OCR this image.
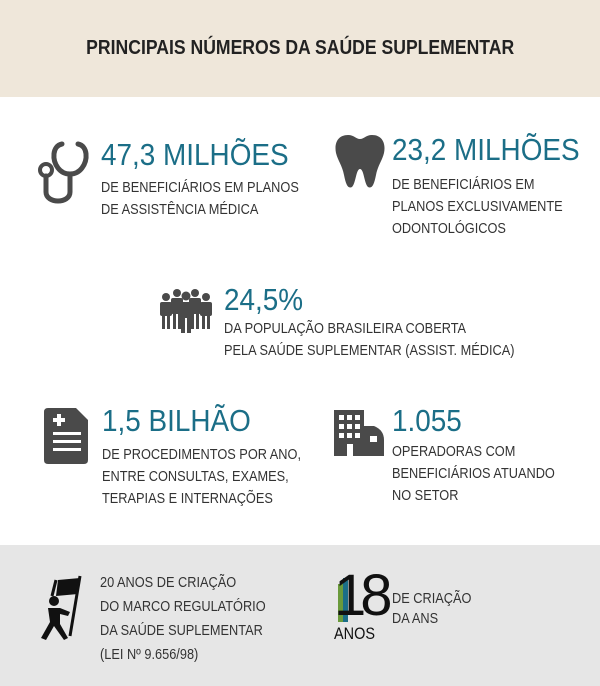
PRINCIPAIS NÚMEROS DA SAÚDE SUPLEMENTAR
47,3 MILHÕES
DE BENEFICIÁRIOS EM PLANOS
DE ASSISTÊNCIA MÉDICA
23,2 MILHÕES
DE BENEFICIÁRIOS EM
PLANOS EXCLUSIVAMENTE
ODONTOLÓGICOS
24,5%
DA POPULAÇÃO BRASILEIRA COBERTA
PELA SAÚDE SUPLEMENTAR (ASSIST. MÉDICA)
1,5 BILHÃO
DE PROCEDIMENTOS POR ANO,
ENTRE CONSULTAS, EXAMES,
TERAPIAS E INTERNAÇÕES
1.055
OPERADORAS COM
BENEFICIÁRIOS ATUANDO
NO SETOR
20 ANOS DE CRIAÇÃO
DO MARCO REGULATÓRIO
DA SAÚDE SUPLEMENTAR
(LEI Nº 9.656/98)
18
ANOS
DE CRIAÇÃO
DA ANS
